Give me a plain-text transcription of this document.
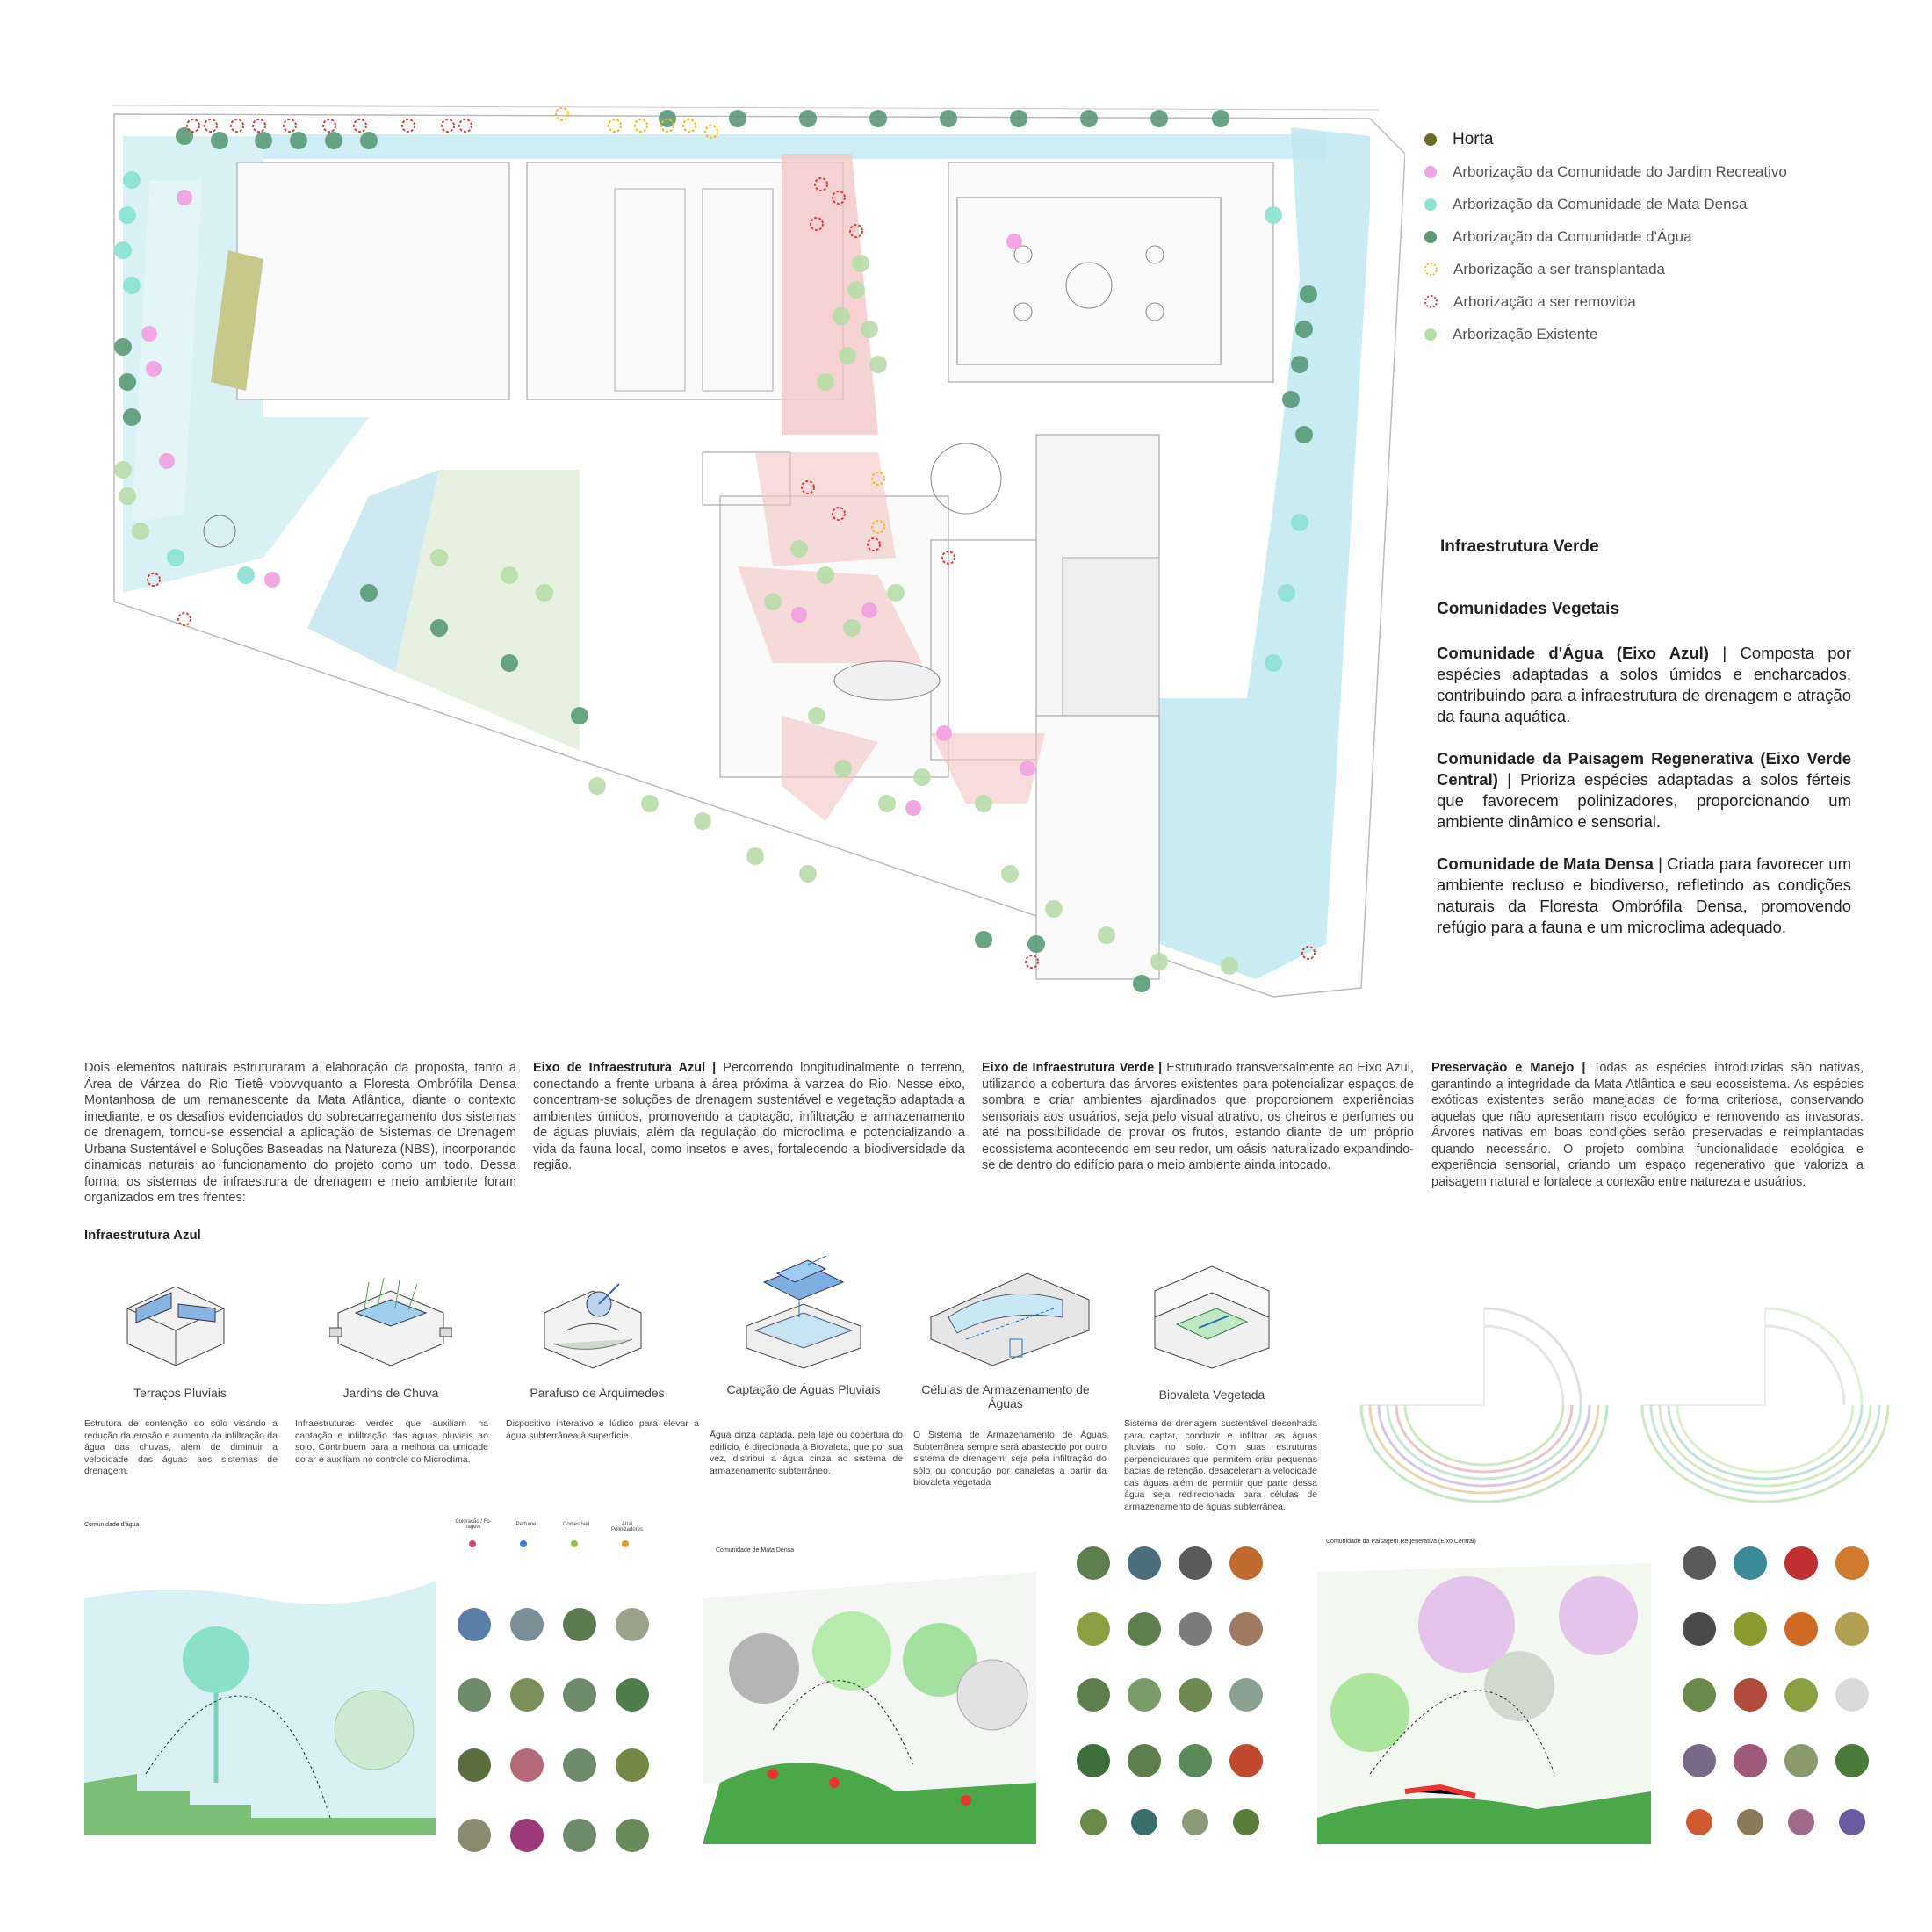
Horta
Arborização da Comunidade do Jardim Recreativo
Arborização da Comunidade de Mata Densa
Arborização da Comunidade d'Água
Arborização a ser transplantada
Arborização a ser removida
Arborização Existente
Infraestrutura Verde
Comunidades Vegetais
Comunidade d'Água (Eixo Azul) | Composta por espécies adaptadas a solos úmidos e encharcados, contribuindo para a infraestrutura de drenagem e atração da fauna aquática.
Comunidade da Paisagem Regenerativa (Eixo Verde Central) | Prioriza espécies adaptadas a solos férteis que favorecem polinizadores, proporcionando um ambiente dinâmico e sensorial.
Comunidade de Mata Densa | Criada para favorecer um ambiente recluso e biodiverso, refletindo as condições naturais da Floresta Ombrófila Densa, promovendo refúgio para a fauna e um microclima adequado.
Dois elementos naturais estruturaram a elaboração da proposta, tanto a Área de Várzea do Rio Tietê vbbvvquanto a Floresta Ombrófila Densa Montanhosa de um remanescente da Mata Atlântica, diante o contexto imediante, e os desafios evidenciados do sobrecarregamento dos sistemas de drenagem, tornou-se essencial a aplicação de Sistemas de Drenagem Urbana Sustentável e Soluções Baseadas na Natureza (NBS), incorporando dinamicas naturais ao funcionamento do projeto como um todo. Dessa forma, os sistemas de infraestrura de drenagem e meio ambiente foram organizados em tres frentes:
Eixo de Infraestrutura Azul | Percorrendo longitudinalmente o terreno, conectando a frente urbana à área próxima à varzea do Rio. Nesse eixo, concentram-se soluções de drenagem sustentável e vegetação adaptada a ambientes úmidos, promovendo a captação, infiltração e armazenamento de águas pluviais, além da regulação do microclima e potencializando a vida da fauna local, como insetos e aves, fortalecendo a biodiversidade da região.
Eixo de Infraestrutura Verde | Estruturado transversalmente ao Eixo Azul, utilizando a cobertura das árvores existentes para potencializar espaços de sombra e criar ambientes ajardinados que proporcionem experiências sensoriais aos usuários, seja pelo visual atrativo, os cheiros e perfumes ou até na possibilidade de provar os frutos, estando diante de um próprio ecossistema acontecendo em seu redor, um oásis naturalizado expandindo-se de dentro do edifício para o meio ambiente ainda intocado.
Preservação e Manejo | Todas as espécies introduzidas são nativas, garantindo a integridade da Mata Atlântica e seu ecossistema. As espécies exóticas existentes serão manejadas de forma criteriosa, conservando aquelas que não apresentam risco ecológico e removendo as invasoras. Árvores nativas em boas condições serão preservadas e reimplantadas quando necessário. O projeto combina funcionalidade ecológica e experiência sensorial, criando um espaço regenerativo que valoriza a paisagem natural e fortalece a conexão entre natureza e usuários.
Infraestrutura Azul
Terraços Pluviais	Jardins de Chuva	Parafuso de Arquimedes	Captação de Águas Pluviais	Células de Armazenamento de Águas
Biovaleta Vegetada
Estrutura de contenção do solo visando a redução da erosão e aumento da infiltração da água das chuvas, além de diminuir a velocidade das águas aos sistemas de drenagem.
Infraestruturas verdes que auxiliam na captação e infiltração das águas pluviais ao solo. Contribuem para a melhora da umidade do ar e auxiliam no controle do Microclima.
Dispositivo interativo e lúdico para elevar a água subterrânea à superfície.	Água cinza captada, pela laje ou cobertura do edifício, é direcionada à Biovaleta, que por sua vez, distribui a água cinza ao sistema de armazenamento subterrâneo.
O Sistema de Armazenamento de Águas Subterrânea sempre será abastecido por outro sistema de drenagem, seja pela infiltração do sólo ou condução por canaletas a partir da biovaleta vegetada
Sistema de drenagem sustentável desenhada para captar, conduzir e infiltrar as águas pluviais no solo. Com suas estruturas perpendiculares que permitem criar pequenas bacias de retenção, desaceleram a velocidade das águas além de permitir que parte dessa água seja redirecionada para células de armazenamento de águas subterrânea.
Comunidade d'água
Comunidade de Mata Densa
Comunidade da Paisagem Regenerativa (Eixo Central)
Coloração / Fo-ragem	Perfume	Comestível	Atrai Polinizadores
